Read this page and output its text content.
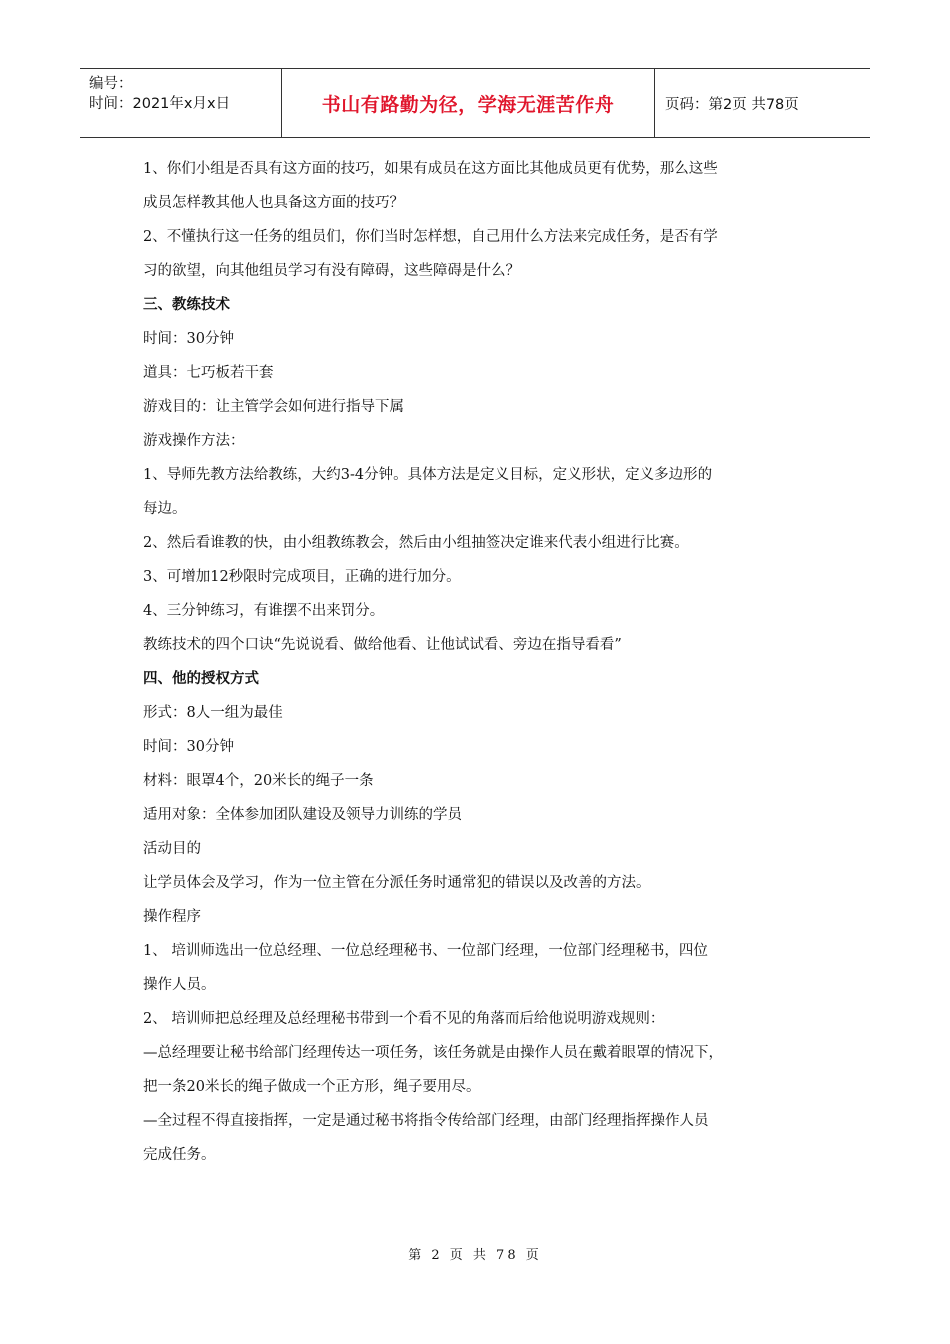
编号：
时间：2021年x月x日	书山有路勤为径，学海无涯苦作舟	页码：第2页 共78页
1、你们小组是否具有这方面的技巧，如果有成员在这方面比其他成员更有优势，那么这些
成员怎样教其他人也具备这方面的技巧？
2、不懂执行这一任务的组员们，你们当时怎样想，自己用什么方法来完成任务，是否有学
习的欲望，向其他组员学习有没有障碍，这些障碍是什么？
三、教练技术
时间：30分钟
道具：七巧板若干套
游戏目的：让主管学会如何进行指导下属
游戏操作方法：
1、导师先教方法给教练，大约3-4分钟。具体方法是定义目标，定义形状，定义多边形的
每边。
2、然后看谁教的快，由小组教练教会，然后由小组抽签决定谁来代表小组进行比赛。
3、可增加12秒限时完成项目，正确的进行加分。
4、三分钟练习，有谁摆不出来罚分。
教练技术的四个口诀“先说说看、做给他看、让他试试看、旁边在指导看看”
四、他的授权方式
形式：8人一组为最佳
时间：30分钟
材料：眼罩4个，20米长的绳子一条
适用对象：全体参加团队建设及领导力训练的学员
活动目的
让学员体会及学习，作为一位主管在分派任务时通常犯的错误以及改善的方法。
操作程序
1、 培训师选出一位总经理、一位总经理秘书、一位部门经理，一位部门经理秘书，四位
操作人员。
2、 培训师把总经理及总经理秘书带到一个看不见的角落而后给他说明游戏规则：
—总经理要让秘书给部门经理传达一项任务，该任务就是由操作人员在戴着眼罩的情况下，
把一条20米长的绳子做成一个正方形，绳子要用尽。
—全过程不得直接指挥，一定是通过秘书将指令传给部门经理，由部门经理指挥操作人员
完成任务。
第 2 页 共 78 页
